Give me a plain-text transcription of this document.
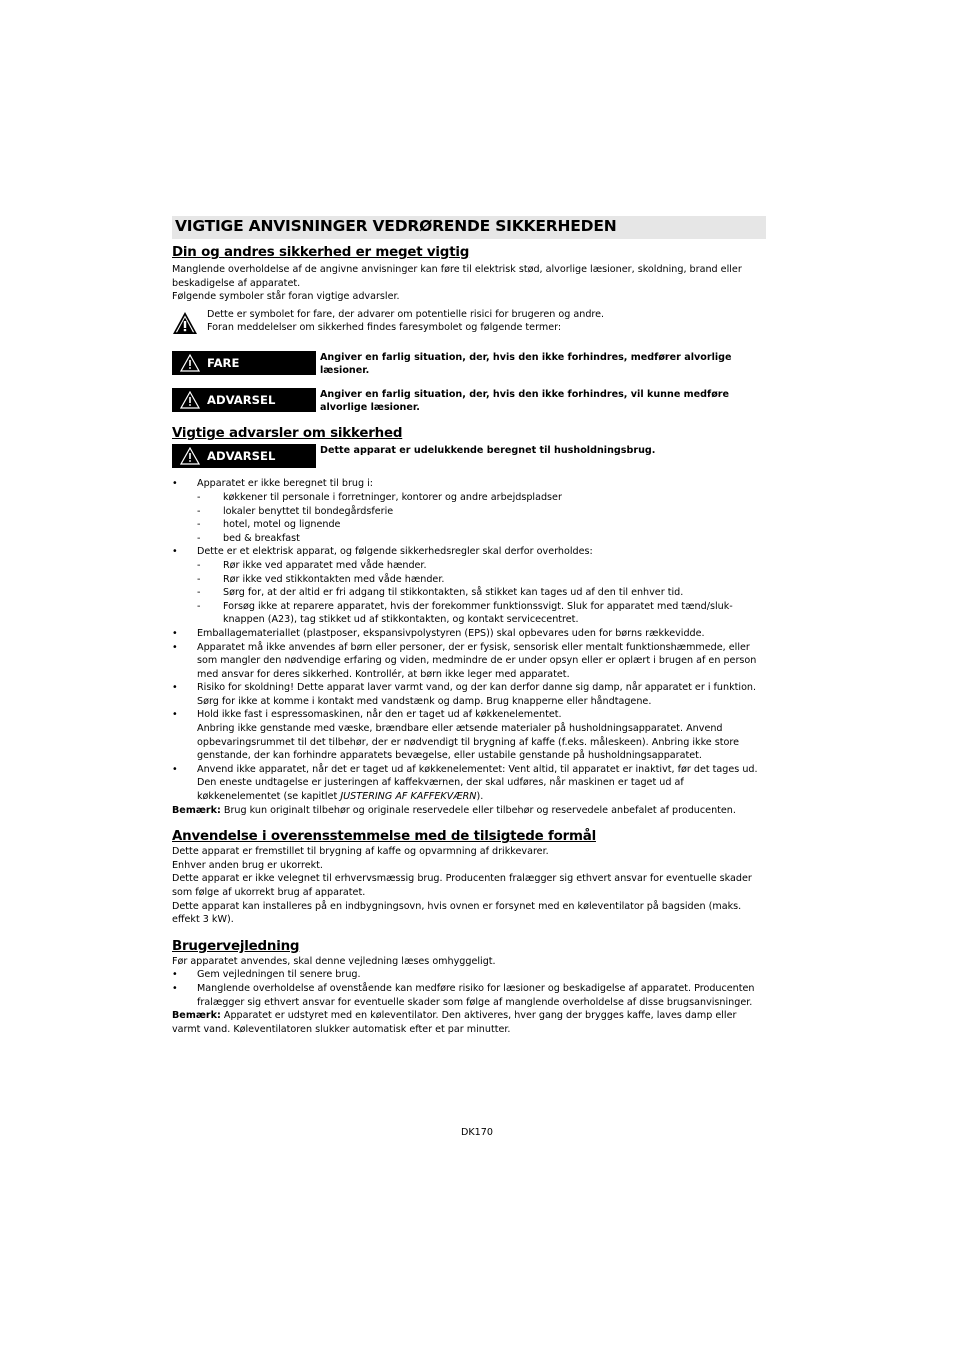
VIGTIGE ANVISNINGER VEDRØRENDE SIKKERHEDEN
Din og andres sikkerhed er meget vigtig

Manglende overholdelse af de angivne anvisninger kan føre til elektrisk stød, alvorlige læsioner, skoldning, brand eller beskadigelse af apparatet.

Følgende symboler står foran vigtige advarsler.

Dette er symbolet for fare, der advarer om potentielle risici for brugeren og andre.

Foran meddelelser om sikkerhed findes faresymbolet og følgende termer:

FARE	Angiver en farlig situation, der, hvis den ikke forhindres, medfører alvorlige læsioner.
ADVARSEL	Angiver en farlig situation, der, hvis den ikke forhindres, vil kunne medføre alvorlige læsioner.
Vigtige advarsler om sikkerhed
ADVARSEL	Dette apparat er udelukkende beregnet til husholdningsbrug.
• Apparatet er ikke beregnet til brug i:
- køkkener til personale i forretninger, kontorer og andre arbejdspladser
- lokaler benyttet til bondegårdsferie
- hotel, motel og lignende
- bed & breakfast
• Dette er et elektrisk apparat, og følgende sikkerhedsregler skal derfor overholdes:
- Rør ikke ved apparatet med våde hænder.
- Rør ikke ved stikkontakten med våde hænder.
- Sørg for, at der altid er fri adgang til stikkontakten, så stikket kan tages ud af den til enhver tid.
- Forsøg ikke at reparere apparatet, hvis der forekommer funktionssvigt. Sluk for apparatet med tænd/sluk-knappen (A23), tag stikket ud af stikkontakten, og kontakt servicecentret.
• Emballagemateriallet (plastposer, ekspansivpolystyren (EPS)) skal opbevares uden for børns rækkevidde.
• Apparatet må ikke anvendes af børn eller personer, der er fysisk, sensorisk eller mentalt funktionshæmmede, eller som mangler den nødvendige erfaring og viden, medmindre de er under opsyn eller er oplært i brugen af en person med ansvar for deres sikkerhed. Kontrollér, at børn ikke leger med apparatet.
• Risiko for skoldning! Dette apparat laver varmt vand, og der kan derfor danne sig damp, når apparatet er i funktion. Sørg for ikke at komme i kontakt med vandstænk og damp. Brug knapperne eller håndtagene.
• Hold ikke fast i espressomaskinen, når den er taget ud af køkkenelementet.
Anbring ikke genstande med væske, brændbare eller ætsende materialer på husholdningsapparatet. Anvend opbevaringsrummet til det tilbehør, der er nødvendigt til brygning af kaffe (f.eks. måleskeen). Anbring ikke store genstande, der kan forhindre apparatets bevægelse, eller ustabile genstande på husholdningsapparatet.
• Anvend ikke apparatet, når det er taget ud af køkkenelementet: Vent altid, til apparatet er inaktivt, før det tages ud. Den eneste undtagelse er justeringen af kaffekværnen, der skal udføres, når maskinen er taget ud af køkkenelementet (se kapitlet JUSTERING AF KAFFEKVÆRN).

Bemærk: Brug kun originalt tilbehør og originale reservedele eller tilbehør og reservedele anbefalet af producenten.

Anvendelse i overensstemmelse med de tilsigtede formål

Dette apparat er fremstillet til brygning af kaffe og opvarmning af drikkevarer.

Enhver anden brug er ukorrekt.

Dette apparat er ikke velegnet til erhvervsmæssig brug. Producenten fralægger sig ethvert ansvar for eventuelle skader som følge af ukorrekt brug af apparatet.

Dette apparat kan installeres på en indbygningsovn, hvis ovnen er forsynet med en køleventilator på bagsiden (maks. effekt 3 kW).

Brugervejledning

Før apparatet anvendes, skal denne vejledning læses omhyggeligt.

• Gem vejledningen til senere brug.
• Manglende overholdelse af ovenstående kan medføre risiko for læsioner og beskadigelse af apparatet. Producenten fralægger sig ethvert ansvar for eventuelle skader som følge af manglende overholdelse af disse brugsanvisninger.

Bemærk: Apparatet er udstyret med en køleventilator. Den aktiveres, hver gang der brygges kaffe, laves damp eller varmt vand. Køleventilatoren slukker automatisk efter et par minutter.

DK170
